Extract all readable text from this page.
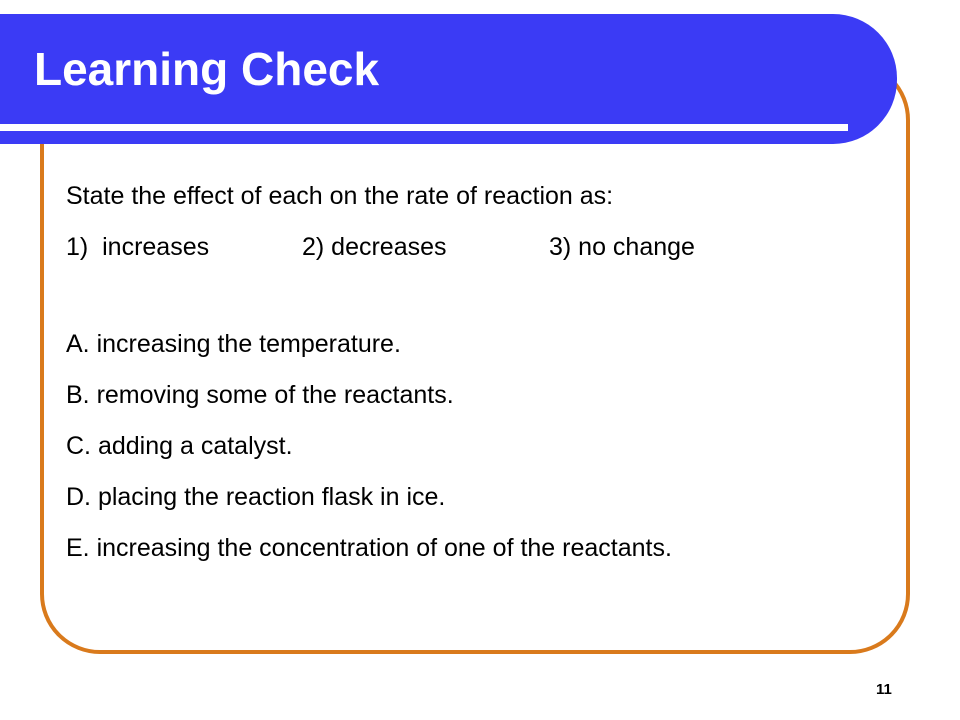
Learning Check
State the effect of each on the rate of reaction as:
1)  increases	2) decreases	3) no change
A. increasing the temperature.
B. removing some of the reactants.
C. adding a catalyst.
D. placing the reaction flask in ice.
E. increasing the concentration of one of the reactants.
11
